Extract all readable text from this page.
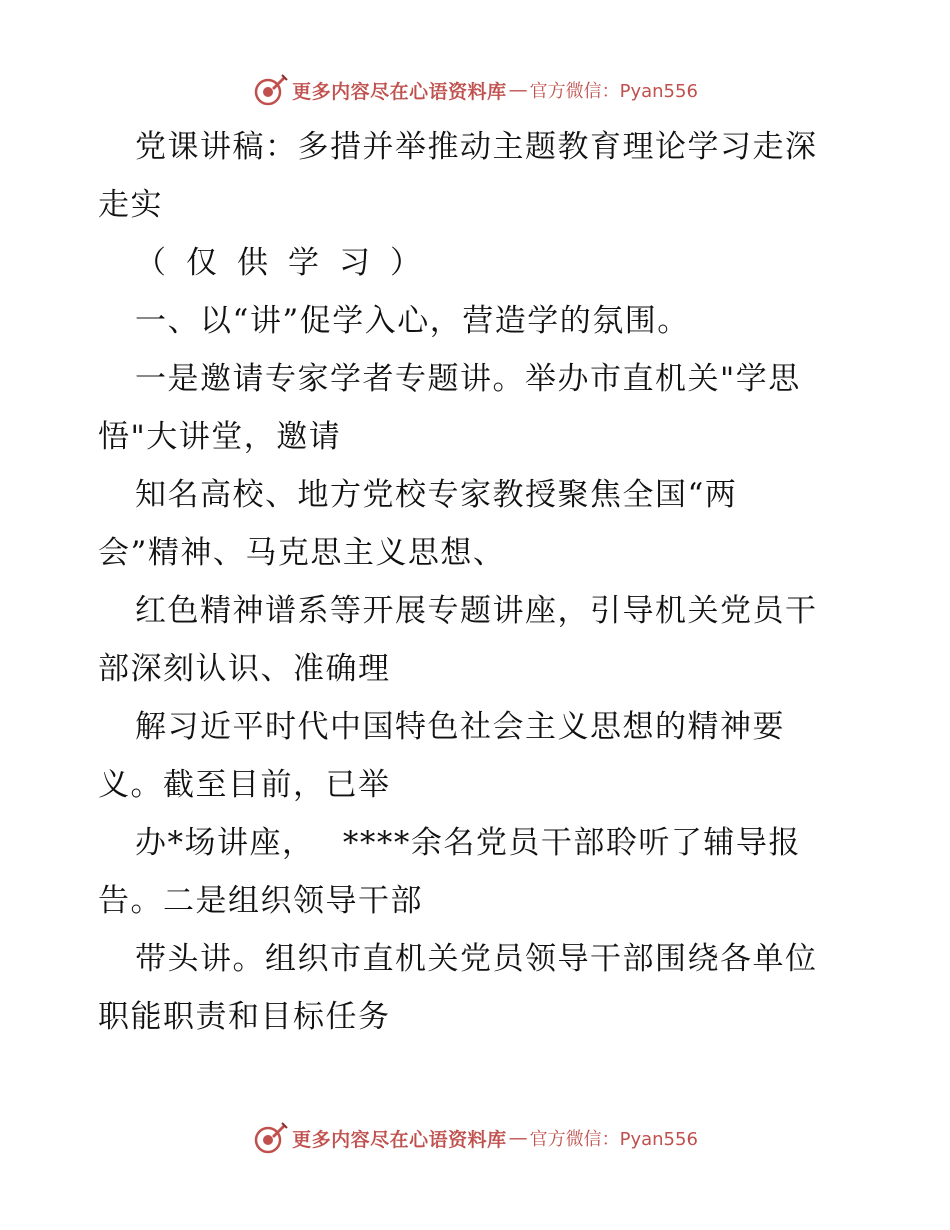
更多内容尽在心语资料库 — 官方微信：Pyan556
党课讲稿：多措并举推动主题教育理论学习走深
走实
（仅供学习）
一、以“讲”促学入心，营造学的氛围。
一是邀请专家学者专题讲。举办市直机关"学思
悟"大讲堂，邀请
知名高校、地方党校专家教授聚焦全国“两
会”精神、马克思主义思想、
红色精神谱系等开展专题讲座，引导机关党员干
部深刻认识、准确理
解习近平时代中国特色社会主义思想的精神要
义。截至目前，已举
办*场讲座，　 ****余名党员干部聆听了辅导报
告。二是组织领导干部
带头讲。组织市直机关党员领导干部围绕各单位
职能职责和目标任务
更多内容尽在心语资料库 — 官方微信：Pyan556
